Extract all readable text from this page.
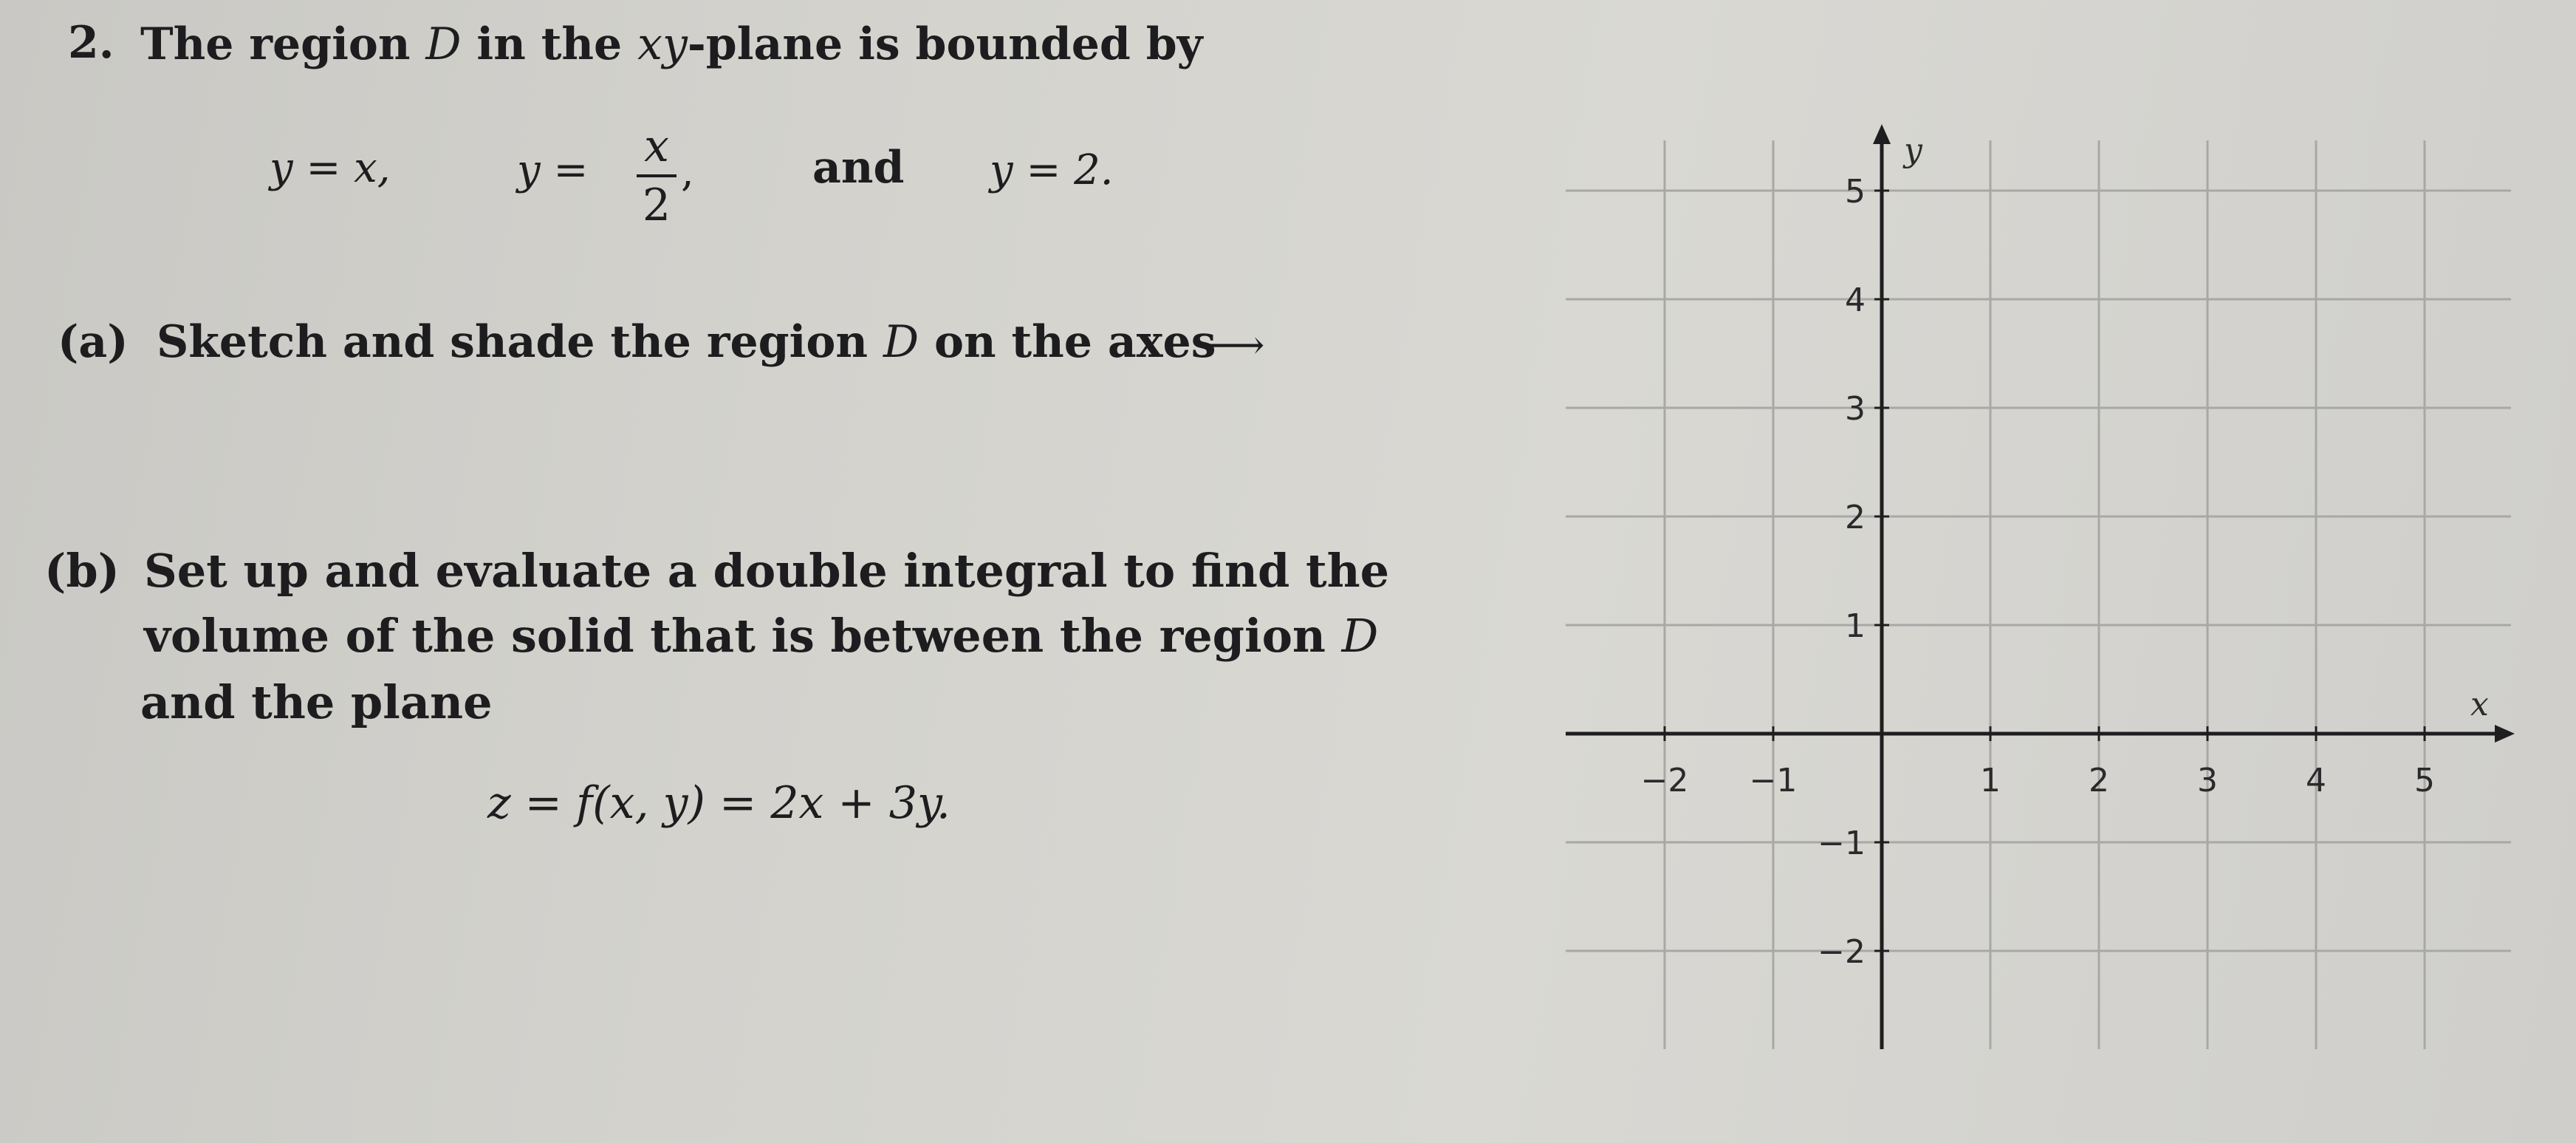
2. The region D in the xy-plane is bounded by
y = x,	y = x
2
,	and y = 2.
(a) Sketch and shade the region D on the axes
⟶
(b) Set up and evaluate a double integral to find the
volume of the solid that is between the region D
and the plane
z = f(x, y) = 2x + 3y.
x
y
−2 −1	1	2	3	4	5
5
4
3
2
1
−1
−2
